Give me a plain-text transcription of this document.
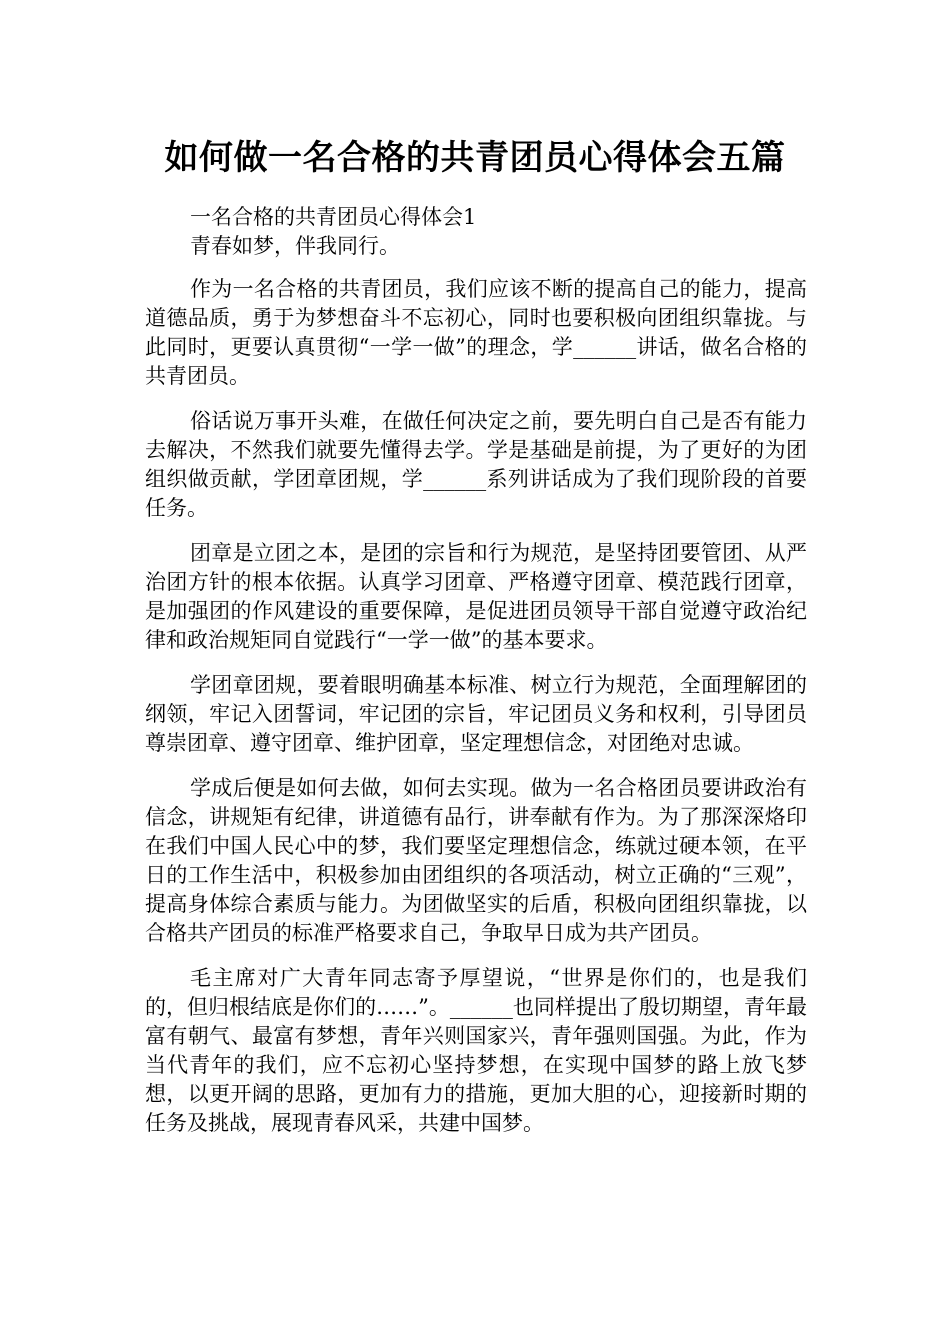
如何做一名合格的共青团员心得体会五篇

一名合格的共青团员心得体会1

青春如梦，伴我同行。

作为一名合格的共青团员，我们应该不断的提高自己的能力，提高道德品质，勇于为梦想奋斗不忘初心，同时也要积极向团组织靠拢。与此同时，更要认真贯彻“一学一做”的理念，学______讲话，做名合格的共青团员。

俗话说万事开头难，在做任何决定之前，要先明白自己是否有能力去解决，不然我们就要先懂得去学。学是基础是前提，为了更好的为团组织做贡献，学团章团规，学______系列讲话成为了我们现阶段的首要任务。

团章是立团之本，是团的宗旨和行为规范，是坚持团要管团、从严治团方针的根本依据。认真学习团章、严格遵守团章、模范践行团章，是加强团的作风建设的重要保障，是促进团员领导干部自觉遵守政治纪律和政治规矩同自觉践行“一学一做”的基本要求。

学团章团规，要着眼明确基本标准、树立行为规范，全面理解团的纲领，牢记入团誓词，牢记团的宗旨，牢记团员义务和权利，引导团员尊崇团章、遵守团章、维护团章，坚定理想信念，对团绝对忠诚。

学成后便是如何去做，如何去实现。做为一名合格团员要讲政治有信念，讲规矩有纪律，讲道德有品行，讲奉献有作为。为了那深深烙印在我们中国人民心中的梦，我们要坚定理想信念，练就过硬本领，在平日的工作生活中，积极参加由团组织的各项活动，树立正确的“三观”，提高身体综合素质与能力。为团做坚实的后盾，积极向团组织靠拢，以合格共产团员的标准严格要求自己，争取早日成为共产团员。

毛主席对广大青年同志寄予厚望说，“世界是你们的，也是我们的，但归根结底是你们的……”。______也同样提出了殷切期望，青年最富有朝气、最富有梦想，青年兴则国家兴，青年强则国强。为此，作为当代青年的我们，应不忘初心坚持梦想，在实现中国梦的路上放飞梦想，以更开阔的思路，更加有力的措施，更加大胆的心，迎接新时期的任务及挑战，展现青春风采，共建中国梦。
